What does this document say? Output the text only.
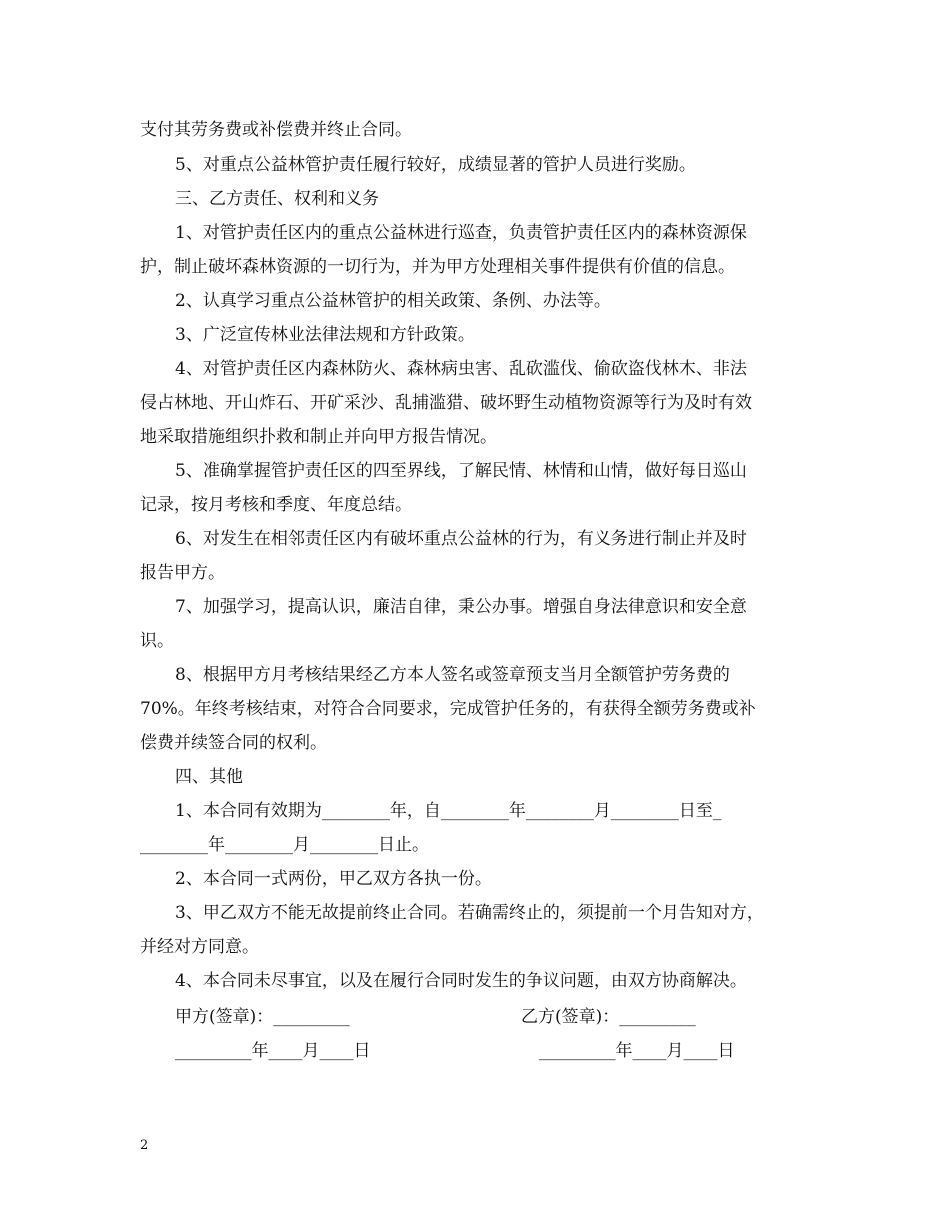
支付其劳务费或补偿费并终止合同。
5、对重点公益林管护责任履行较好，成绩显著的管护人员进行奖励。
三、乙方责任、权利和义务
1、对管护责任区内的重点公益林进行巡查，负责管护责任区内的森林资源保
护，制止破坏森林资源的一切行为，并为甲方处理相关事件提供有价值的信息。
2、认真学习重点公益林管护的相关政策、条例、办法等。
3、广泛宣传林业法律法规和方针政策。
4、对管护责任区内森林防火、森林病虫害、乱砍滥伐、偷砍盗伐林木、非法
侵占林地、开山炸石、开矿采沙、乱捕滥猎、破坏野生动植物资源等行为及时有效
地采取措施组织扑救和制止并向甲方报告情况。
5、准确掌握管护责任区的四至界线，了解民情、林情和山情，做好每日巡山
记录，按月考核和季度、年度总结。
6、对发生在相邻责任区内有破坏重点公益林的行为，有义务进行制止并及时
报告甲方。
7、加强学习，提高认识，廉洁自律，秉公办事。增强自身法律意识和安全意
识。
8、根据甲方月考核结果经乙方本人签名或签章预支当月全额管护劳务费的
70%。年终考核结束，对符合合同要求，完成管护任务的，有获得全额劳务费或补
偿费并续签合同的权利。
四、其他
1、本合同有效期为________年，自________年________月________日至_
________年________月________日止。
2、本合同一式两份，甲乙双方各执一份。
3、甲乙双方不能无故提前终止合同。若确需终止的，须提前一个月告知对方，
并经对方同意。
4、本合同未尽事宜，以及在履行合同时发生的争议问题，由双方协商解决。
甲方(签章)：_________	乙方(签章)：_________
_________年____月____日	_________年____月____日
2
